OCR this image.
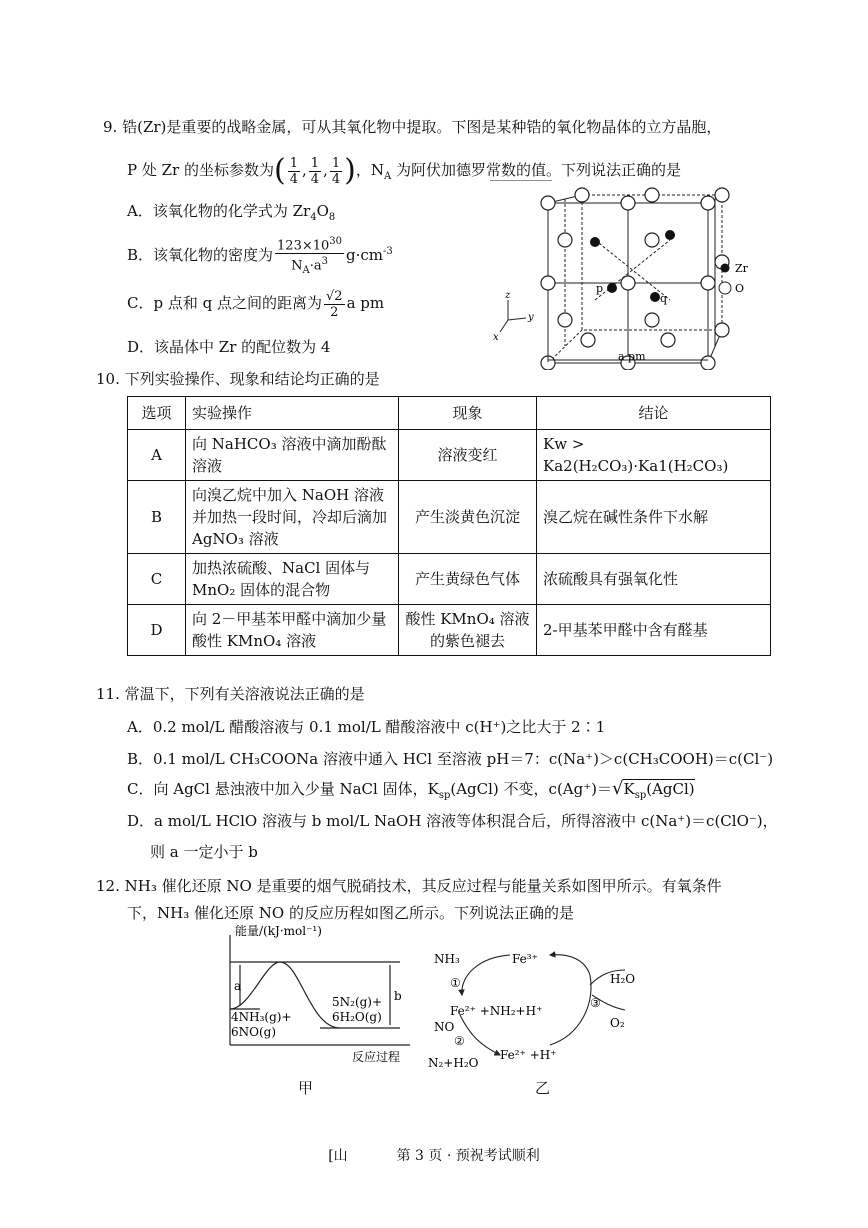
9. 锆(Zr)是重要的战略金属，可从其氧化物中提取。下图是某种锆的氧化物晶体的立方晶胞，
P 处 Zr 的坐标参数为( $\frac{1}{4}$ , $\frac{1}{4}$ , $\frac{1}{4}$ )，$N_A$ 为阿伏加德罗常数的值。下列说法正确的是
A．该氧化物的化学式为 $Zr_4O_8$
B．该氧化物的密度为 $\frac{123\times 10^{30}}{N_A\cdot a^3} g\cdot cm^{-3}$
C．p 点和 q 点之间的距离为 $\frac{√2}{2}$ a pm
D．该晶体中 Zr 的配位数为 4
p
q
Zr
O
z
y
x
a pm
10. 下列实验操作、现象和结论均正确的是
选项	实验操作	现象	结论
A	向 NaHCO₃ 溶液中滴加酚酞溶液	溶液变红	Kw > Ka2(H₂CO₃)·Ka1(H₂CO₃)
B	向溴乙烷中加入 NaOH 溶液并加热一段时间，冷却后滴加 AgNO₃ 溶液	产生淡黄色沉淀	溴乙烷在碱性条件下水解
C	加热浓硫酸、NaCl 固体与 MnO₂ 固体的混合物	产生黄绿色气体	浓硫酸具有强氧化性
D	向 2－甲基苯甲醛中滴加少量酸性 KMnO₄ 溶液	酸性 KMnO₄ 溶液的紫色褪去	2-甲基苯甲醛中含有醛基
11. 常温下，下列有关溶液说法正确的是
A．0.2 mol/L 醋酸溶液与 0.1 mol/L 醋酸溶液中 c(H⁺)之比大于 2∶1
B．0.1 mol/L CH₃COONa 溶液中通入 HCl 至溶液 pH＝7：c(Na⁺)＞c(CH₃COOH)＝c(Cl⁻)
C．向 AgCl 悬浊液中加入少量 NaCl 固体，$K_{sp}(AgCl)$ 不变，$c(Ag^+)=√K_{sp}(AgCl)$
D．a mol/L HClO 溶液与 b mol/L NaOH 溶液等体积混合后，所得溶液中 c(Na⁺)＝c(ClO⁻)，
则 a 一定小于 b
12. NH₃ 催化还原 NO 是重要的烟气脱硝技术，其反应过程与能量关系如图甲所示。有氧条件
下，NH₃ 催化还原 NO 的反应历程如图乙所示。下列说法正确的是
能量/(kJ·mol⁻¹)
a
b
4NH₃(g)+
6NO(g)
5N₂(g)+
6H₂O(g)
反应过程
甲
NH₃	Fe³⁺
①
Fe²⁺ +NH₂+H⁺
NO
②
N₂+H₂O
Fe²⁺ +H⁺
③
H₂O
O₂
乙
[山	第 3 页 · 预祝考试顺利
